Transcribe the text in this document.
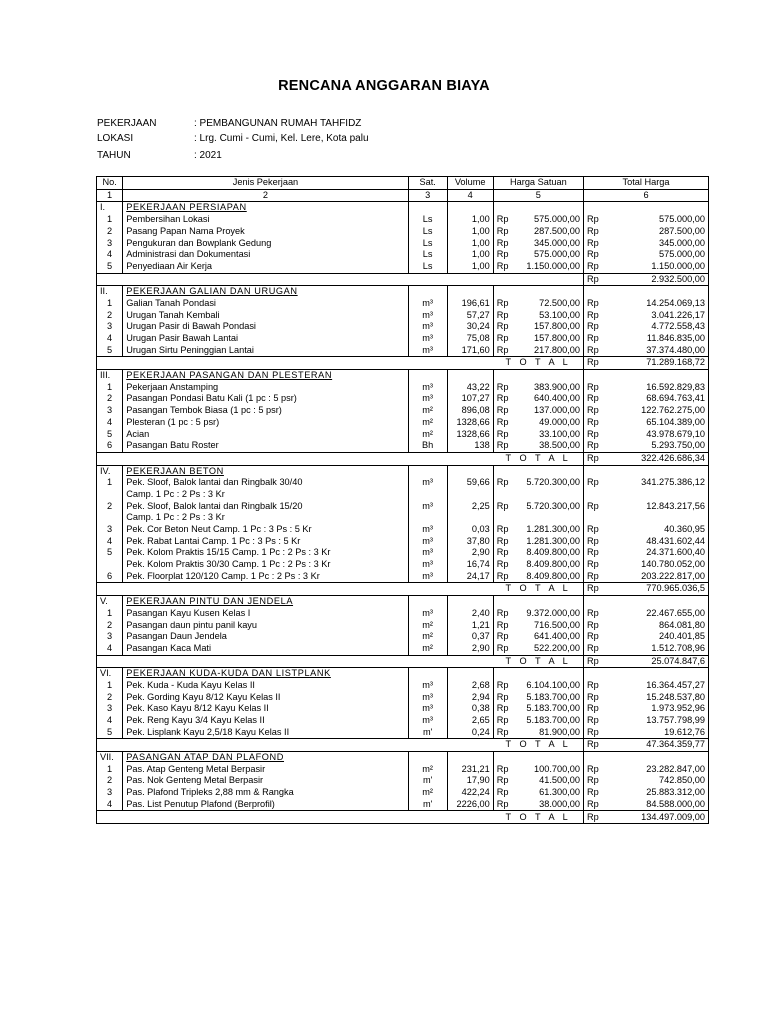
RENCANA ANGGARAN BIAYA
PEKERJAAN	: PEMBANGUNAN RUMAH TAHFIDZ
LOKASI	: Lrg. Cumi - Cumi, Kel. Lere, Kota palu
TAHUN	: 2021
No.	Jenis Pekerjaan	Sat.	Volume	Harga Satuan		Total Harga	
1	2	3	4	5		6	
I.	PEKERJAAN PERSIAPAN						
1	Pembersihan Lokasi	Ls	1,00	Rp	575.000,00	Rp	575.000,00
2	Pasang Papan Nama Proyek	Ls	1,00	Rp	287.500,00	Rp	287.500,00
3	Pengukuran dan Bowplank Gedung	Ls	1,00	Rp	345.000,00	Rp	345.000,00
4	Administrasi dan Dokumentasi	Ls	1,00	Rp	575.000,00	Rp	575.000,00
5	Penyediaan Air Kerja	Ls	1,00	Rp	1.150.000,00	Rp	1.150.000,00
						Rp	2.932.500,00
II.	PEKERJAAN GALIAN DAN URUGAN						
1	Galian Tanah Pondasi	m³	196,61	Rp	72.500,00	Rp	14.254.069,13
2	Urugan Tanah Kembali	m³	57,27	Rp	53.100,00	Rp	3.041.226,17
3	Urugan Pasir di Bawah Pondasi	m³	30,24	Rp	157.800,00	Rp	4.772.558,43
4	Urugan Pasir Bawah Lantai	m³	75,08	Rp	157.800,00	Rp	11.846.835,00
5	Urugan Sirtu Peninggian Lantai	m³	171,60	Rp	217.800,00	Rp	37.374.480,00
				T O T A L		Rp	71.289.168,72
III.	PEKERJAAN PASANGAN DAN PLESTERAN						
1	Pekerjaan Anstamping	m³	43,22	Rp	383.900,00	Rp	16.592.829,83
2	Pasangan Pondasi Batu Kali (1 pc : 5 psr)	m³	107,27	Rp	640.400,00	Rp	68.694.763,41
3	Pasangan Tembok Biasa (1 pc : 5 psr)	m²	896,08	Rp	137.000,00	Rp	122.762.275,00
4	Plesteran (1 pc : 5 psr)	m²	1328,66	Rp	49.000,00	Rp	65.104.389,00
5	Acian	m²	1328,66	Rp	33.100,00	Rp	43.978.679,10
6	Pasangan Batu Roster	Bh	138	Rp	38.500,00	Rp	5.293.750,00
				T O T A L		Rp	322.426.686,34
IV.	PEKERJAAN BETON						
1	Pek. Sloof, Balok lantai dan Ringbalk 30/40	m³	59,66	Rp	5.720.300,00	Rp	341.275.386,12
	Camp. 1 Pc : 2 Ps : 3 Kr						
2	Pek. Sloof, Balok lantai dan Ringbalk 15/20	m³	2,25	Rp	5.720.300,00	Rp	12.843.217,56
	Camp. 1 Pc : 2 Ps : 3 Kr						
3	Pek. Cor Beton Neut Camp. 1 Pc : 3 Ps : 5 Kr	m³	0,03	Rp	1.281.300,00	Rp	40.360,95
4	Pek. Rabat Lantai Camp. 1 Pc : 3 Ps : 5 Kr	m³	37,80	Rp	1.281.300,00	Rp	48.431.602,44
5	Pek. Kolom Praktis 15/15 Camp. 1 Pc : 2 Ps : 3 Kr	m³	2,90	Rp	8.409.800,00	Rp	24.371.600,40
	Pek. Kolom Praktis 30/30 Camp. 1 Pc : 2 Ps : 3 Kr	m³	16,74	Rp	8.409.800,00	Rp	140.780.052,00
6	Pek. Floorplat 120/120 Camp. 1 Pc : 2 Ps : 3 Kr	m³	24,17	Rp	8.409.800,00	Rp	203.222.817,00
				T O T A L		Rp	770.965.036,5
V.	PEKERJAAN PINTU DAN JENDELA						
1	Pasangan Kayu Kusen Kelas I	m³	2,40	Rp	9.372.000,00	Rp	22.467.655,00
2	Pasangan daun pintu panil kayu	m²	1,21	Rp	716.500,00	Rp	864.081,80
3	Pasangan Daun Jendela	m²	0,37	Rp	641.400,00	Rp	240.401,85
4	Pasangan Kaca Mati	m²	2,90	Rp	522.200,00	Rp	1.512.708,96
				T O T A L		Rp	25.074.847,6
VI.	PEKERJAAN KUDA-KUDA DAN LISTPLANK						
1	Pek. Kuda - Kuda Kayu Kelas II	m³	2,68	Rp	6.104.100,00	Rp	16.364.457,27
2	Pek. Gording Kayu 8/12 Kayu Kelas II	m³	2,94	Rp	5.183.700,00	Rp	15.248.537,80
3	Pek. Kaso Kayu 8/12 Kayu Kelas II	m³	0,38	Rp	5.183.700,00	Rp	1.973.952,96
4	Pek. Reng Kayu 3/4 Kayu Kelas II	m³	2,65	Rp	5.183.700,00	Rp	13.757.798,99
5	Pek. Lisplank Kayu 2,5/18 Kayu Kelas II	m'	0,24	Rp	81.900,00	Rp	19.612,76
				T O T A L		Rp	47.364.359,77
VII.	PASANGAN ATAP DAN PLAFOND						
1	Pas. Atap Genteng Metal Berpasir	m²	231,21	Rp	100.700,00	Rp	23.282.847,00
2	Pas. Nok Genteng Metal Berpasir	m'	17,90	Rp	41.500,00	Rp	742.850,00
3	Pas. Plafond Tripleks 2,88 mm & Rangka	m²	422,24	Rp	61.300,00	Rp	25.883.312,00
4	Pas. List Penutup Plafond (Berprofil)	m'	2226,00	Rp	38.000,00	Rp	84.588.000,00
				T O T A L		Rp	134.497.009,00
